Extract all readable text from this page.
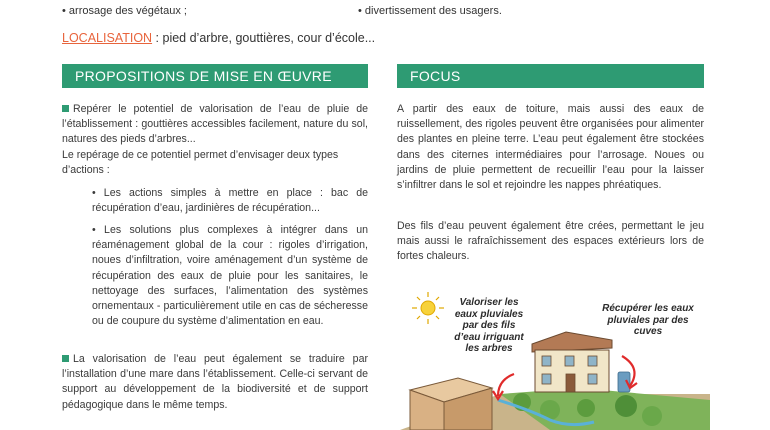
• arrosage des végétaux ;	• divertissement des usagers.
LOCALISATION : pied d’arbre, gouttières, cour d’école...
PROPOSITIONS DE MISE EN ŒUVRE
Repérer le potentiel de valorisation de l’eau de pluie de l’établissement : gouttières accessibles facilement, nature du sol, natures des pieds d’arbres...
Le repérage de ce potentiel permet d’envisager deux types d’actions :
• Les actions simples à mettre en place : bac de récupération d’eau, jardinières de récupération...
• Les solutions plus complexes à intégrer dans un réaménagement global de la cour : rigoles d’irrigation, noues d’infiltration, voire aménagement d’un système de récupération des eaux de pluie pour les sanitaires, le nettoyage des surfaces, l’alimentation des systèmes ornementaux - particulièrement utile en cas de sécheresse ou de coupure du système d’alimentation en eau.
La valorisation de l’eau peut également se traduire par l’installation d’une mare dans l’établissement. Celle-ci servant de support au développement de la biodiversité et de support pédagogique dans le même temps.
FOCUS
A partir des eaux de toiture, mais aussi des eaux de ruissellement, des rigoles peuvent être organisées pour alimenter des plantes en pleine terre. L’eau peut également être stockées dans des citernes intermédiaires pour l’arrosage. Noues ou jardins de pluie permettent de recueillir l’eau pour la laisser s’infiltrer dans le sol et rejoindre les nappes phréatiques.
Des fils d’eau peuvent également être crées, permettant le jeu mais aussi le rafraîchissement des espaces extérieurs lors de fortes chaleurs.
Valoriser les eaux pluviales par des fils d’eau irriguant les arbres
Récupérer les eaux pluviales par des cuves
